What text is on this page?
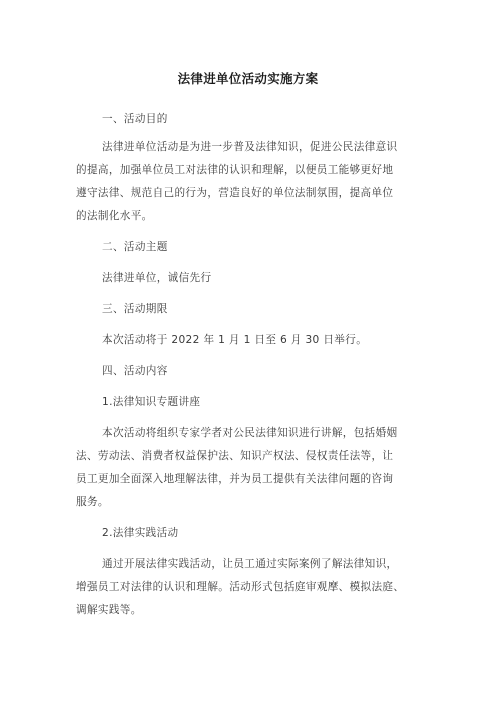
法律进单位活动实施方案
一、活动目的
法律进单位活动是为进一步普及法律知识，促进公民法律意识
的提高，加强单位员工对法律的认识和理解，以便员工能够更好地
遵守法律、规范自己的行为，营造良好的单位法制氛围，提高单位
的法制化水平。
二、活动主题
法律进单位，诚信先行
三、活动期限
本次活动将于 2022 年 1 月 1 日至 6 月 30 日举行。
四、活动内容
1.法律知识专题讲座
本次活动将组织专家学者对公民法律知识进行讲解，包括婚姻
法、劳动法、消费者权益保护法、知识产权法、侵权责任法等，让
员工更加全面深入地理解法律，并为员工提供有关法律问题的咨询
服务。
2.法律实践活动
通过开展法律实践活动，让员工通过实际案例了解法律知识，
增强员工对法律的认识和理解。活动形式包括庭审观摩、模拟法庭、
调解实践等。
